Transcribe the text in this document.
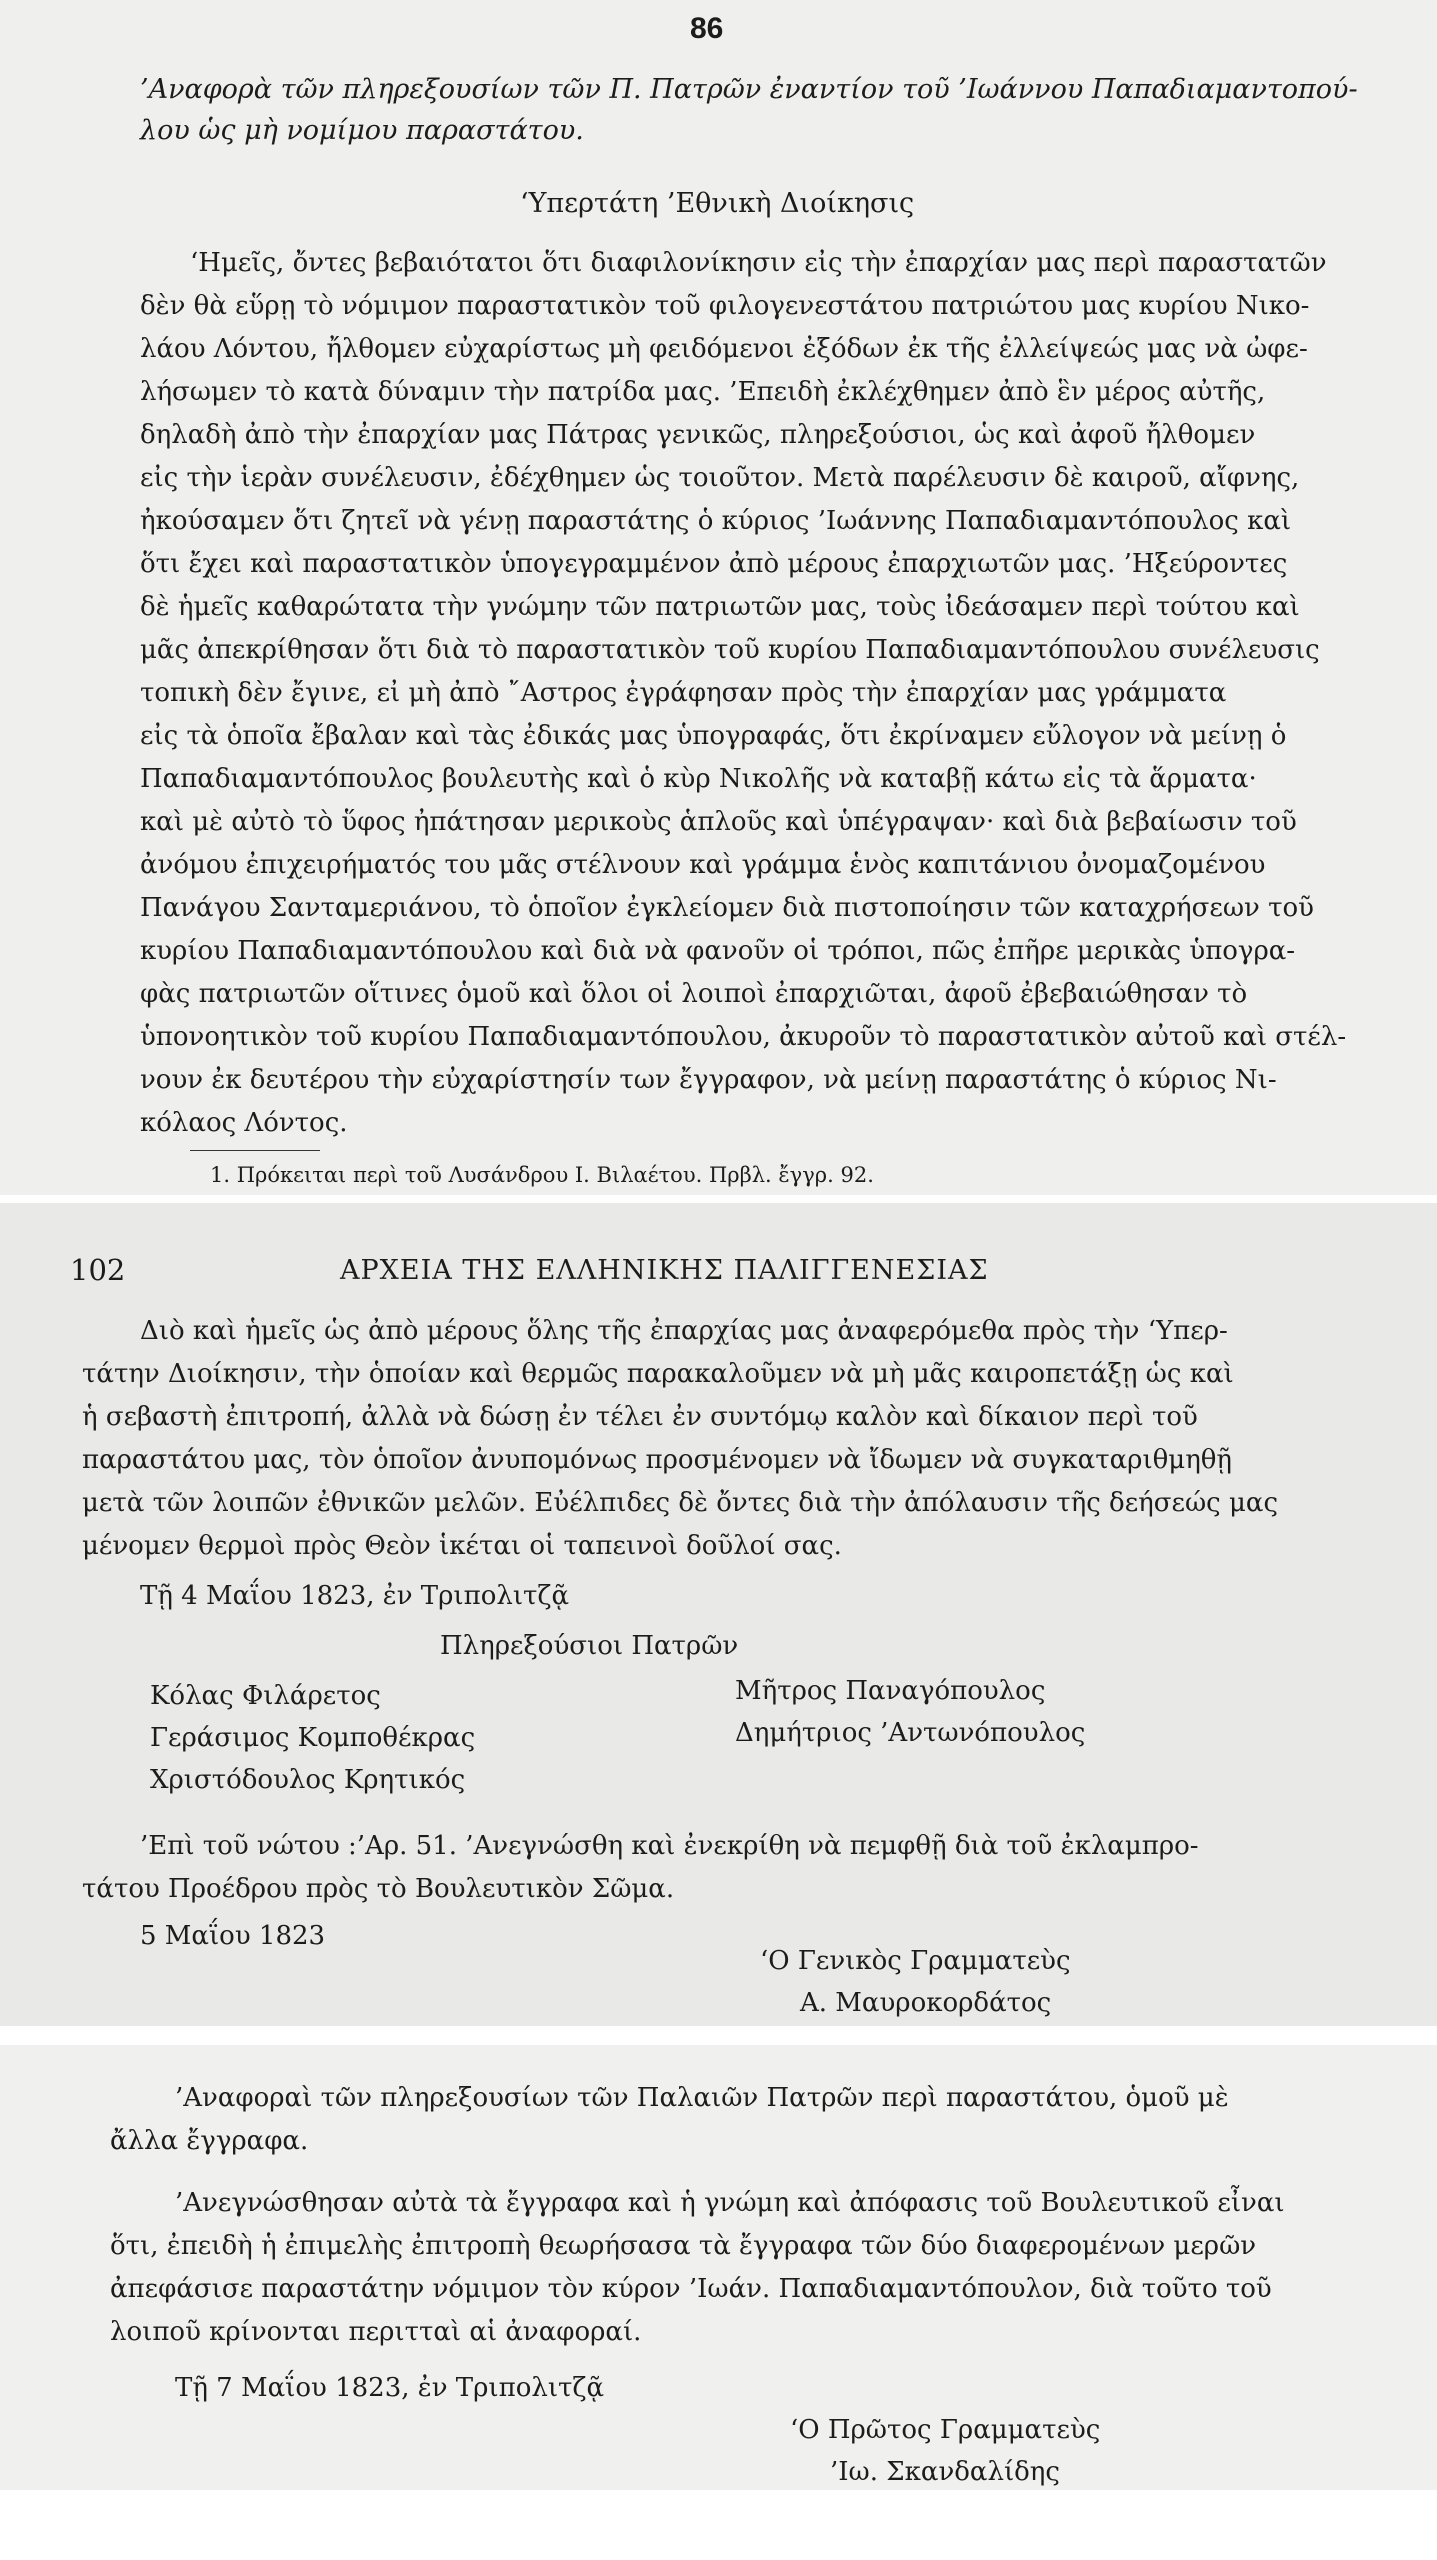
86
’Αναφορὰ τῶν πληρεξουσίων τῶν Π. Πατρῶν ἐναντίον τοῦ ’Ιωάννου Παπαδιαμαντοπού-
λου ὡς μὴ νομίμου παραστάτου.
‘Υπερτάτη ’Εθνικὴ Διοίκησις
‘Ημεῖς, ὄντες βεβαιότατοι ὅτι διαφιλονίκησιν εἰς τὴν ἐπαρχίαν μας περὶ παραστατῶν
δὲν θὰ εὕρῃ τὸ νόμιμον παραστατικὸν τοῦ φιλογενεστάτου πατριώτου μας κυρίου Νικο-
λάου Λόντου, ἤλθομεν εὐχαρίστως μὴ φειδόμενοι ἐξόδων ἐκ τῆς ἐλλείψεώς μας νὰ ὠφε-
λήσωμεν τὸ κατὰ δύναμιν τὴν πατρίδα μας. ’Επειδὴ ἐκλέχθημεν ἀπὸ ἓν μέρος αὐτῆς,
δηλαδὴ ἀπὸ τὴν ἐπαρχίαν μας Πάτρας γενικῶς, πληρεξούσιοι, ὡς καὶ ἀφοῦ ἤλθομεν
εἰς τὴν ἱερὰν συνέλευσιν, ἐδέχθημεν ὡς τοιοῦτον. Μετὰ παρέλευσιν δὲ καιροῦ, αἴφνης,
ἠκούσαμεν ὅτι ζητεῖ νὰ γένῃ παραστάτης ὁ κύριος ’Ιωάννης Παπαδιαμαντόπουλος καὶ
ὅτι ἔχει καὶ παραστατικὸν ὑπογεγραμμένον ἀπὸ μέρους ἐπαρχιωτῶν μας. ’Ηξεύροντες
δὲ ἡμεῖς καθαρώτατα τὴν γνώμην τῶν πατριωτῶν μας, τοὺς ἰδεάσαμεν περὶ τούτου καὶ
μᾶς ἀπεκρίθησαν ὅτι διὰ τὸ παραστατικὸν τοῦ κυρίου Παπαδιαμαντόπουλου συνέλευσις
τοπικὴ δὲν ἔγινε, εἰ μὴ ἀπὸ ῎Αστρος ἐγράφησαν πρὸς τὴν ἐπαρχίαν μας γράμματα
εἰς τὰ ὁποῖα ἔβαλαν καὶ τὰς ἐδικάς μας ὑπογραφάς, ὅτι ἐκρίναμεν εὔλογον νὰ μείνῃ ὁ
Παπαδιαμαντόπουλος βουλευτὴς καὶ ὁ κὺρ Νικολῆς νὰ καταβῇ κάτω εἰς τὰ ἅρματα·
καὶ μὲ αὐτὸ τὸ ὕφος ἠπάτησαν μερικοὺς ἁπλοῦς καὶ ὑπέγραψαν· καὶ διὰ βεβαίωσιν τοῦ
ἀνόμου ἐπιχειρήματός του μᾶς στέλνουν καὶ γράμμα ἑνὸς καπιτάνιου ὀνομαζομένου
Πανάγου Σανταμεριάνου, τὸ ὁποῖον ἐγκλείομεν διὰ πιστοποίησιν τῶν καταχρήσεων τοῦ
κυρίου Παπαδιαμαντόπουλου καὶ διὰ νὰ φανοῦν οἱ τρόποι, πῶς ἐπῆρε μερικὰς ὑπογρα-
φὰς πατριωτῶν οἵτινες ὁμοῦ καὶ ὅλοι οἱ λοιποὶ ἐπαρχιῶται, ἀφοῦ ἐβεβαιώθησαν τὸ
ὑπονοητικὸν τοῦ κυρίου Παπαδιαμαντόπουλου, ἀκυροῦν τὸ παραστατικὸν αὐτοῦ καὶ στέλ-
νουν ἐκ δευτέρου τὴν εὐχαρίστησίν των ἔγγραφον, νὰ μείνῃ παραστάτης ὁ κύριος Νι-
κόλαος Λόντος.
1. Πρόκειται περὶ τοῦ Λυσάνδρου Ι. Βιλαέτου. Πρβλ. ἔγγρ. 92.
102	ΑΡΧΕΙΑ ΤΗΣ ΕΛΛΗΝΙΚΗΣ ΠΑΛΙΓΓΕΝΕΣΙΑΣ
Διὸ καὶ ἡμεῖς ὡς ἀπὸ μέρους ὅλης τῆς ἐπαρχίας μας ἀναφερόμεθα πρὸς τὴν ‘Υπερ-
τάτην Διοίκησιν, τὴν ὁποίαν καὶ θερμῶς παρακαλοῦμεν νὰ μὴ μᾶς καιροπετάξῃ ὡς καὶ
ἡ σεβαστὴ ἐπιτροπή, ἀλλὰ νὰ δώσῃ ἐν τέλει ἐν συντόμῳ καλὸν καὶ δίκαιον περὶ τοῦ
παραστάτου μας, τὸν ὁποῖον ἀνυπομόνως προσμένομεν νὰ ἴδωμεν νὰ συγκαταριθμηθῇ
μετὰ τῶν λοιπῶν ἐθνικῶν μελῶν. Εὐέλπιδες δὲ ὄντες διὰ τὴν ἀπόλαυσιν τῆς δεήσεώς μας
μένομεν θερμοὶ πρὸς Θεὸν ἱκέται οἱ ταπεινοὶ δοῦλοί σας.
Τῇ 4 Μαΐου 1823, ἐν Τριπολιτζᾷ
Πληρεξούσιοι Πατρῶν
Κόλας Φιλάρετος
Γεράσιμος Κομποθέκρας
Χριστόδουλος Κρητικός
Μῆτρος Παναγόπουλος
Δημήτριος ’Αντωνόπουλος
’Επὶ τοῦ νώτου :’Αρ. 51. ’Ανεγνώσθη καὶ ἐνεκρίθη νὰ πεμφθῇ διὰ τοῦ ἐκλαμπρο-
τάτου Προέδρου πρὸς τὸ Βουλευτικὸν Σῶμα.
5 Μαΐου 1823
‘Ο Γενικὸς Γραμματεὺς
Α. Μαυροκορδάτος
’Αναφοραὶ τῶν πληρεξουσίων τῶν Παλαιῶν Πατρῶν περὶ παραστάτου, ὁμοῦ μὲ
ἄλλα ἔγγραφα.
’Ανεγνώσθησαν αὐτὰ τὰ ἔγγραφα καὶ ἡ γνώμη καὶ ἀπόφασις τοῦ Βουλευτικοῦ εἶναι
ὅτι, ἐπειδὴ ἡ ἐπιμελὴς ἐπιτροπὴ θεωρήσασα τὰ ἔγγραφα τῶν δύο διαφερομένων μερῶν
ἀπεφάσισε παραστάτην νόμιμον τὸν κύρον ’Ιωάν. Παπαδιαμαντόπουλον, διὰ τοῦτο τοῦ
λοιποῦ κρίνονται περιτταὶ αἱ ἀναφοραί.
Τῇ 7 Μαΐου 1823, ἐν Τριπολιτζᾷ
‘Ο Πρῶτος Γραμματεὺς
’Ιω. Σκανδαλίδης
